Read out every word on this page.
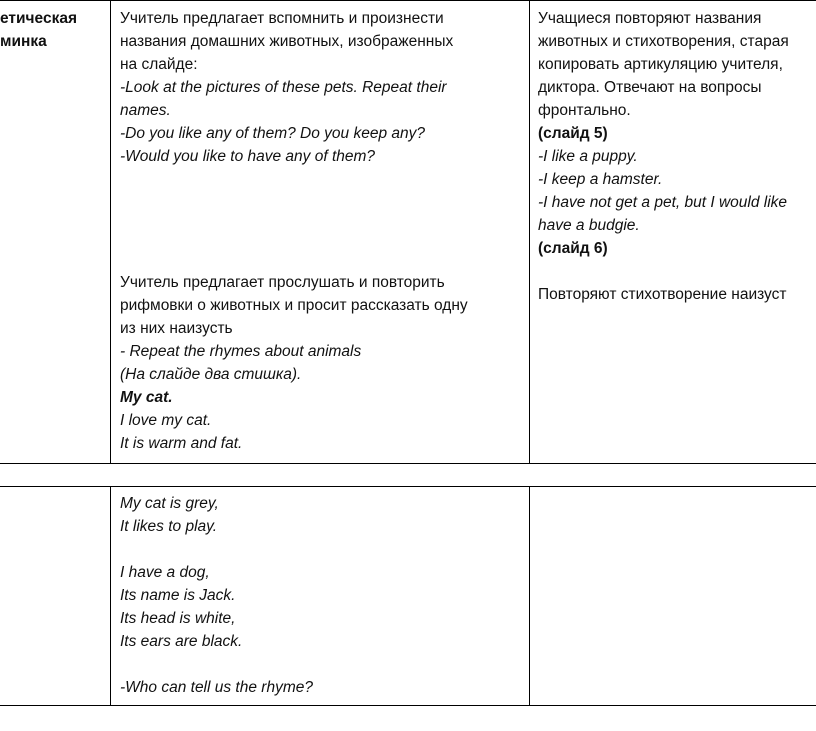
етическая
минка
Учитель предлагает вспомнить и произнести
названия домашних животных, изображенных
на слайде:
-Look at the pictures of these pets. Repeat their
names.
-Do you like any of them? Do you keep any?
-Would you like to have any of them?
Учитель предлагает прослушать и повторить
рифмовки о животных и просит рассказать одну
из них наизусть
- Repeat the rhymes about animals
(На слайде два стишка).
My cat.
I love my cat.
It is warm and fat.
Учащиеся повторяют названия
животных и стихотворения, старая
копировать артикуляцию учителя,
диктора. Отвечают на вопросы
фронтально.
(слайд 5)
-I like a puppy.
-I keep a hamster.
-I have not get a pet, but I would like
have a budgie.
(слайд 6)
Повторяют стихотворение наизуст
My cat is grey,
It likes to play.
I have a dog,
Its name is Jack.
Its head is white,
Its ears are black.
-Who can tell us the rhyme?
